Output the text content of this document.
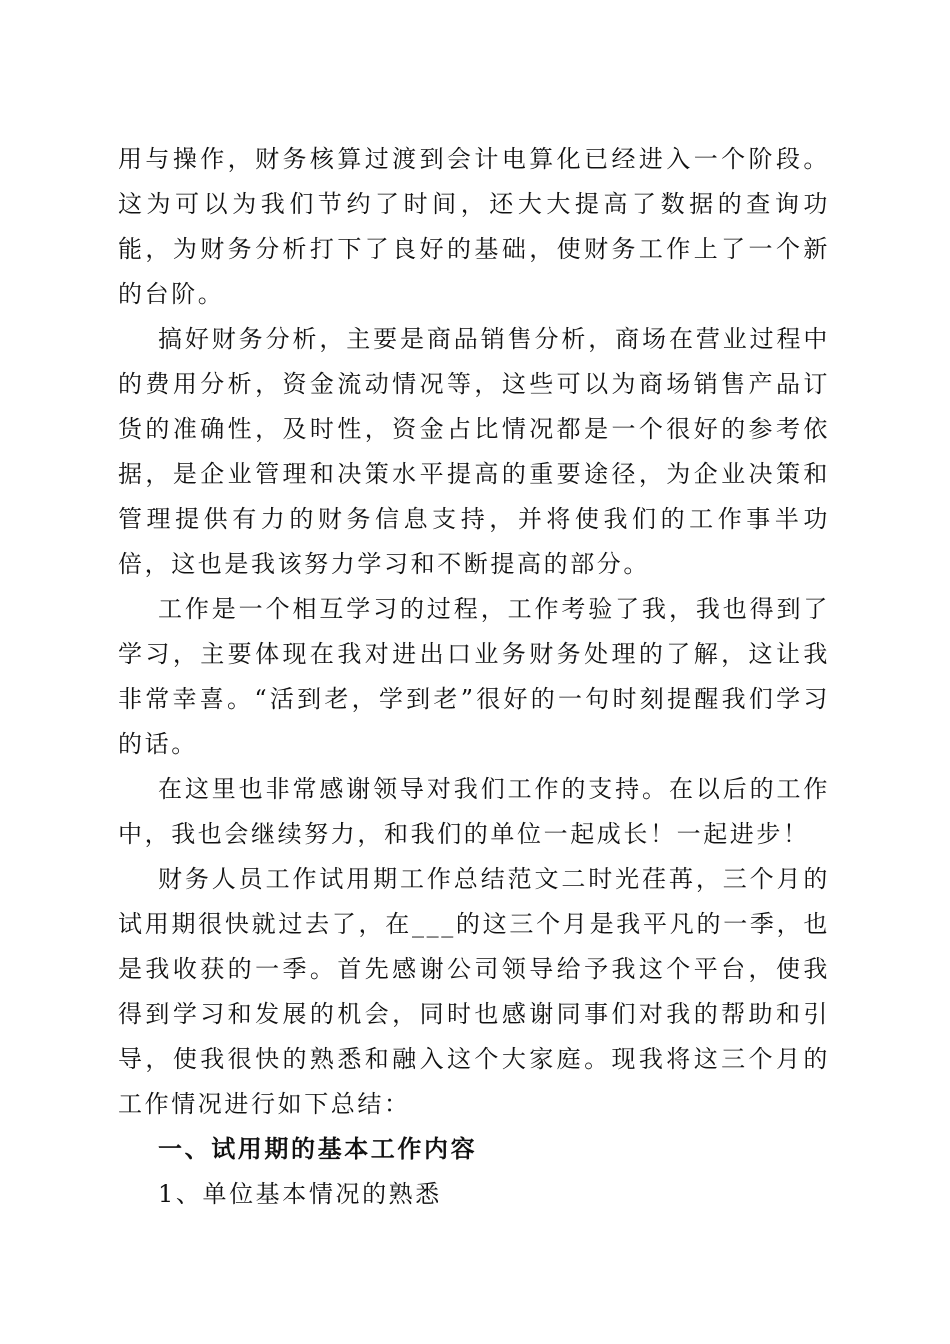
用与操作，财务核算过渡到会计电算化已经进入一个阶段。这为可以为我们节约了时间，还大大提高了数据的查询功能，为财务分析打下了良好的基础，使财务工作上了一个新的台阶。

搞好财务分析，主要是商品销售分析，商场在营业过程中的费用分析，资金流动情况等，这些可以为商场销售产品订货的准确性，及时性，资金占比情况都是一个很好的参考依据，是企业管理和决策水平提高的重要途径，为企业决策和管理提供有力的财务信息支持，并将使我们的工作事半功倍，这也是我该努力学习和不断提高的部分。

工作是一个相互学习的过程，工作考验了我，我也得到了学习，主要体现在我对进出口业务财务处理的了解，这让我非常幸喜。“活到老，学到老”很好的一句时刻提醒我们学习的话。

在这里也非常感谢领导对我们工作的支持。在以后的工作中，我也会继续努力，和我们的单位一起成长！一起进步！

财务人员工作试用期工作总结范文二时光荏苒，三个月的试用期很快就过去了，在___的这三个月是我平凡的一季，也是我收获的一季。首先感谢公司领导给予我这个平台，使我得到学习和发展的机会，同时也感谢同事们对我的帮助和引导，使我很快的熟悉和融入这个大家庭。现我将这三个月的工作情况进行如下总结：

一、试用期的基本工作内容

1、单位基本情况的熟悉
